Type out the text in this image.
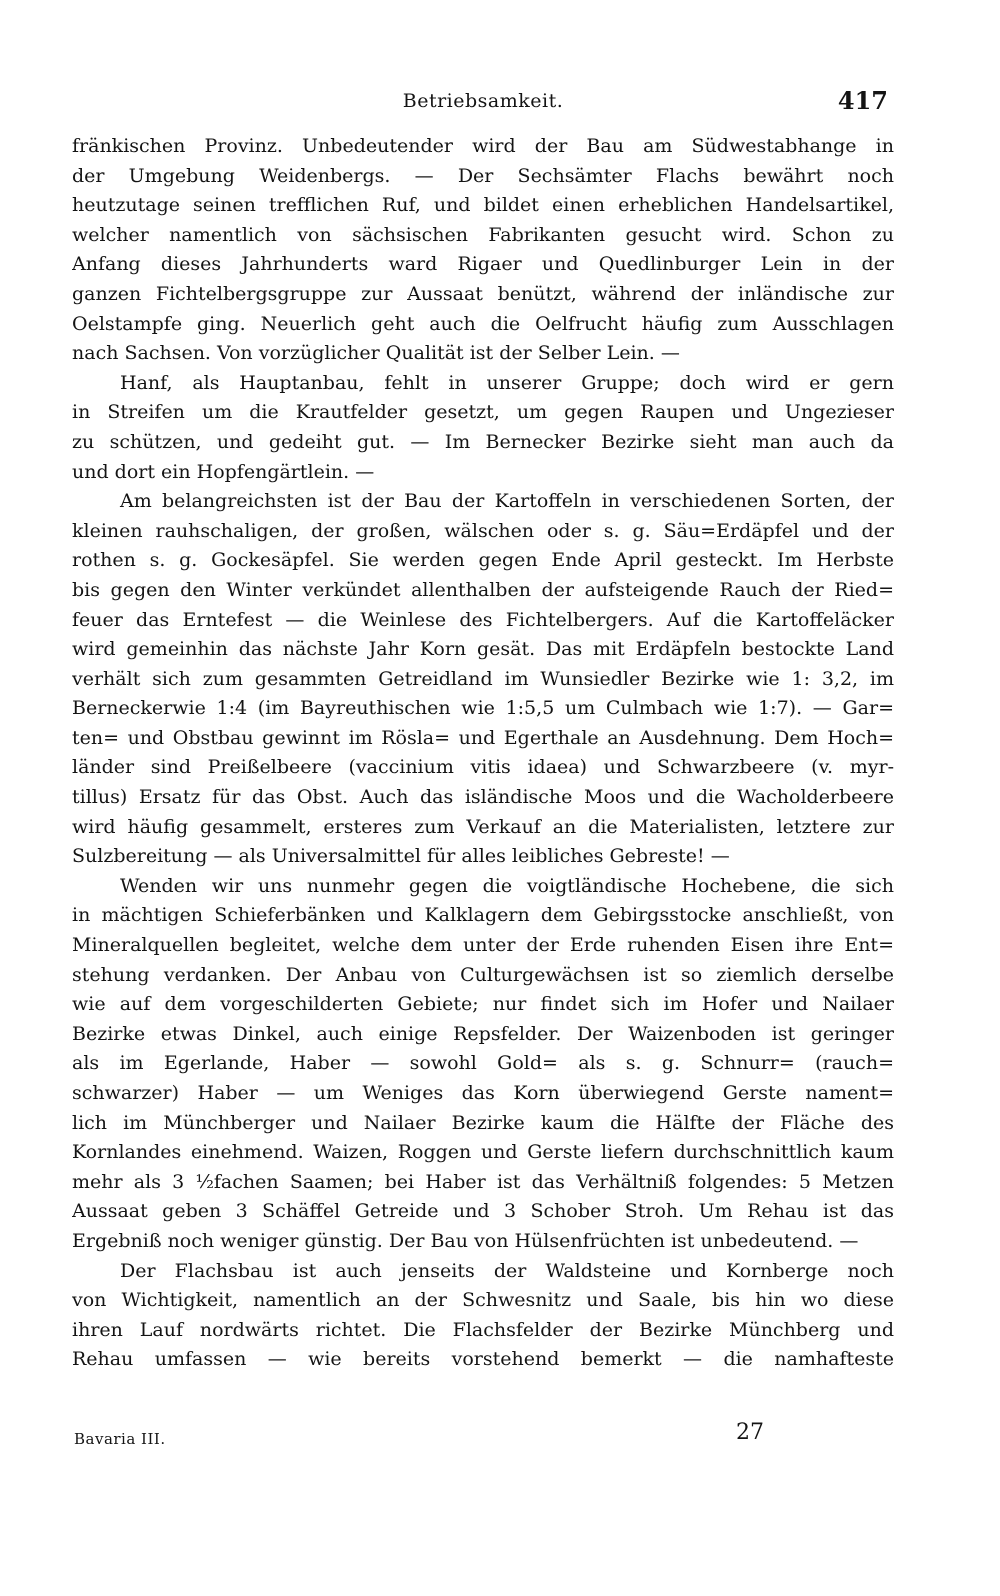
Betriebsamkeit.	417
fränkischen Provinz. Unbedeutender wird der Bau am Südwestabhange in
der Umgebung Weidenbergs. — Der Sechsämter Flachs bewährt noch
heutzutage seinen trefflichen Ruf, und bildet einen erheblichen Handelsartikel,
welcher namentlich von sächsischen Fabrikanten gesucht wird. Schon zu
Anfang dieses Jahrhunderts ward Rigaer und Quedlinburger Lein in der
ganzen Fichtelbergsgruppe zur Aussaat benützt, während der inländische zur
Oelstampfe ging. Neuerlich geht auch die Oelfrucht häufig zum Ausschlagen
nach Sachsen. Von vorzüglicher Qualität ist der Selber Lein. —
Hanf, als Hauptanbau, fehlt in unserer Gruppe; doch wird er gern
in Streifen um die Krautfelder gesetzt, um gegen Raupen und Ungezieser
zu schützen, und gedeiht gut. — Im Bernecker Bezirke sieht man auch da
und dort ein Hopfengärtlein. —
Am belangreichsten ist der Bau der Kartoffeln in verschiedenen Sorten, der
kleinen rauhschaligen, der großen, wälschen oder s. g. Säu=Erdäpfel und der
rothen s. g. Gockesäpfel. Sie werden gegen Ende April gesteckt. Im Herbste
bis gegen den Winter verkündet allenthalben der aufsteigende Rauch der Ried=
feuer das Erntefest — die Weinlese des Fichtelbergers. Auf die Kartoffeläcker
wird gemeinhin das nächste Jahr Korn gesät. Das mit Erdäpfeln bestockte Land
verhält sich zum gesammten Getreidland im Wunsiedler Bezirke wie 1: 3,2, im
Berneckerwie 1:4 (im Bayreuthischen wie 1:5,5 um Culmbach wie 1:7). — Gar=
ten= und Obstbau gewinnt im Rösla= und Egerthale an Ausdehnung. Dem Hoch=
länder sind Preißelbeere (vaccinium vitis idaea) und Schwarzbeere (v. myr-
tillus) Ersatz für das Obst. Auch das isländische Moos und die Wacholderbeere
wird häufig gesammelt, ersteres zum Verkauf an die Materialisten, letztere zur
Sulzbereitung — als Universalmittel für alles leibliches Gebreste! —
Wenden wir uns nunmehr gegen die voigtländische Hochebene, die sich
in mächtigen Schieferbänken und Kalklagern dem Gebirgsstocke anschließt, von
Mineralquellen begleitet, welche dem unter der Erde ruhenden Eisen ihre Ent=
stehung verdanken. Der Anbau von Culturgewächsen ist so ziemlich derselbe
wie auf dem vorgeschilderten Gebiete; nur findet sich im Hofer und Nailaer
Bezirke etwas Dinkel, auch einige Repsfelder. Der Waizenboden ist geringer
als im Egerlande, Haber — sowohl Gold= als s. g. Schnurr= (rauch=
schwarzer) Haber — um Weniges das Korn überwiegend Gerste nament=
lich im Münchberger und Nailaer Bezirke kaum die Hälfte der Fläche des
Kornlandes einehmend. Waizen, Roggen und Gerste liefern durchschnittlich kaum
mehr als 3 ½fachen Saamen; bei Haber ist das Verhältniß folgendes: 5 Metzen
Aussaat geben 3 Schäffel Getreide und 3 Schober Stroh. Um Rehau ist das
Ergebniß noch weniger günstig. Der Bau von Hülsenfrüchten ist unbedeutend. —
Der Flachsbau ist auch jenseits der Waldsteine und Kornberge noch
von Wichtigkeit, namentlich an der Schwesnitz und Saale, bis hin wo diese
ihren Lauf nordwärts richtet. Die Flachsfelder der Bezirke Münchberg und
Rehau umfassen — wie bereits vorstehend bemerkt — die namhafteste
Bavaria III.	27
